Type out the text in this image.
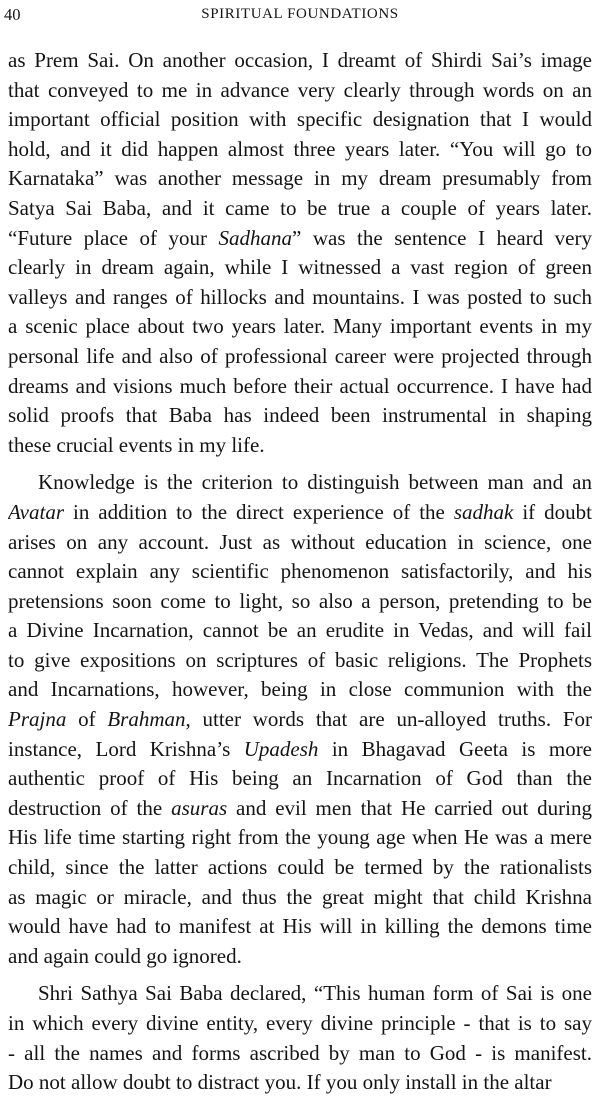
40	SPIRITUAL FOUNDATIONS

as Prem Sai. On another occasion, I dreamt of Shirdi Sai’s image
that conveyed to me in advance very clearly through words on an
important official position with specific designation that I would
hold, and it did happen almost three years later. “You will go to
Karnataka” was another message in my dream presumably from
Satya Sai Baba, and it came to be true a couple of years later.
“Future place of your Sadhana” was the sentence I heard very
clearly in dream again, while I witnessed a vast region of green
valleys and ranges of hillocks and mountains. I was posted to such
a scenic place about two years later. Many important events in my
personal life and also of professional career were projected through
dreams and visions much before their actual occurrence. I have had
solid proofs that Baba has indeed been instrumental in shaping
these crucial events in my life.

Knowledge is the criterion to distinguish between man and an
Avatar in addition to the direct experience of the sadhak if doubt
arises on any account. Just as without education in science, one
cannot explain any scientific phenomenon satisfactorily, and his
pretensions soon come to light, so also a person, pretending to be
a Divine Incarnation, cannot be an erudite in Vedas, and will fail
to give expositions on scriptures of basic religions. The Prophets
and Incarnations, however, being in close communion with the
Prajna of Brahman, utter words that are un-alloyed truths. For
instance, Lord Krishna’s Upadesh in Bhagavad Geeta is more
authentic proof of His being an Incarnation of God than the
destruction of the asuras and evil men that He carried out during
His life time starting right from the young age when He was a mere
child, since the latter actions could be termed by the rationalists
as magic or miracle, and thus the great might that child Krishna
would have had to manifest at His will in killing the demons time
and again could go ignored.

Shri Sathya Sai Baba declared, “This human form of Sai is one
in which every divine entity, every divine principle - that is to say
- all the names and forms ascribed by man to God - is manifest.
Do not allow doubt to distract you. If you only install in the altar
